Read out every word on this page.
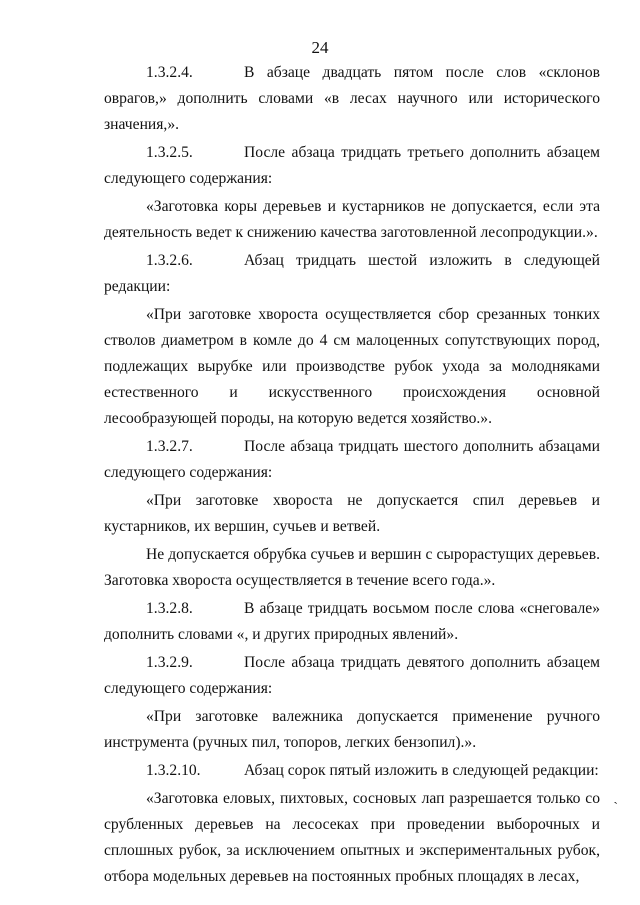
24

1.3.2.4.	В абзаце двадцать пятом после слов «склонов оврагов,» дополнить словами «в лесах научного или исторического значения,».

1.3.2.5.	После абзаца тридцать третьего дополнить абзацем следующего содержания:

«Заготовка коры деревьев и кустарников не допускается, если эта деятельность ведет к снижению качества заготовленной лесопродукции.».

1.3.2.6.	Абзац тридцать шестой изложить в следующей редакции:

«При заготовке хвороста осуществляется сбор срезанных тонких стволов диаметром в комле до 4 см малоценных сопутствующих пород, подлежащих вырубке или производстве рубок ухода за молодняками естественного и искусственного происхождения основной лесообразующей породы, на которую ведется хозяйство.».

1.3.2.7.	После абзаца тридцать шестого дополнить абзацами следующего содержания:

«При заготовке хвороста не допускается спил деревьев и кустарников, их вершин, сучьев и ветвей.

Не допускается обрубка сучьев и вершин с сырорастущих деревьев. Заготовка хвороста осуществляется в течение всего года.».

1.3.2.8.	В абзаце тридцать восьмом после слова «снеговале» дополнить словами «, и других природных явлений».

1.3.2.9.	После абзаца тридцать девятого дополнить абзацем следующего содержания:

«При заготовке валежника допускается применение ручного инструмента (ручных пил, топоров, легких бензопил).».

1.3.2.10.	Абзац сорок пятый изложить в следующей редакции:

«Заготовка еловых, пихтовых, сосновых лап разрешается только со срубленных деревьев на лесосеках при проведении выборочных и сплошных рубок, за исключением опытных и экспериментальных рубок, отбора модельных деревьев на постоянных пробных площадях в лесах,

ˏ
